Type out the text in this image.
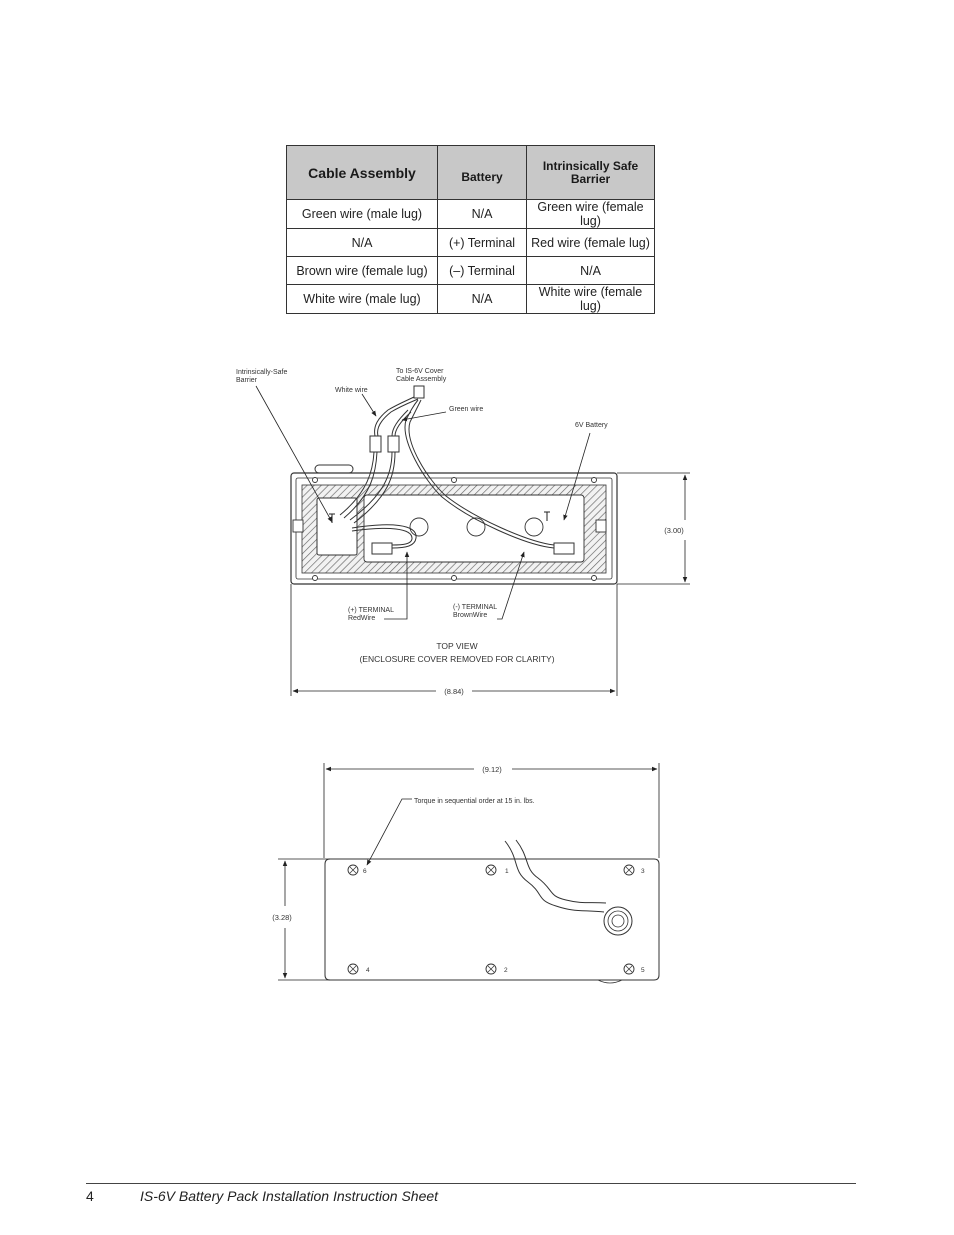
Cable Assembly	Battery	Intrinsically Safe Barrier
Green wire (male lug)	N/A	Green wire (female lug)
N/A	(+) Terminal	Red wire (female lug)
Brown wire (female lug)	(–) Terminal	N/A
White wire (male lug)	N/A	White wire (female lug)
Intrinsically-Safe
Barrier
White wire
To IS-6V Cover
Cable Assembly
Green wire
6V Battery
(+) TERMINAL
RedWire
(-) TERMINAL
BrownWire
TOP VIEW
(ENCLOSURE COVER REMOVED FOR CLARITY)
(3.00)
(8.84)
6	1	3
4	2	5
(9.12)
(3.28)
Torque in sequential order at 15 in. lbs.
4	IS-6V Battery Pack Installation Instruction Sheet
